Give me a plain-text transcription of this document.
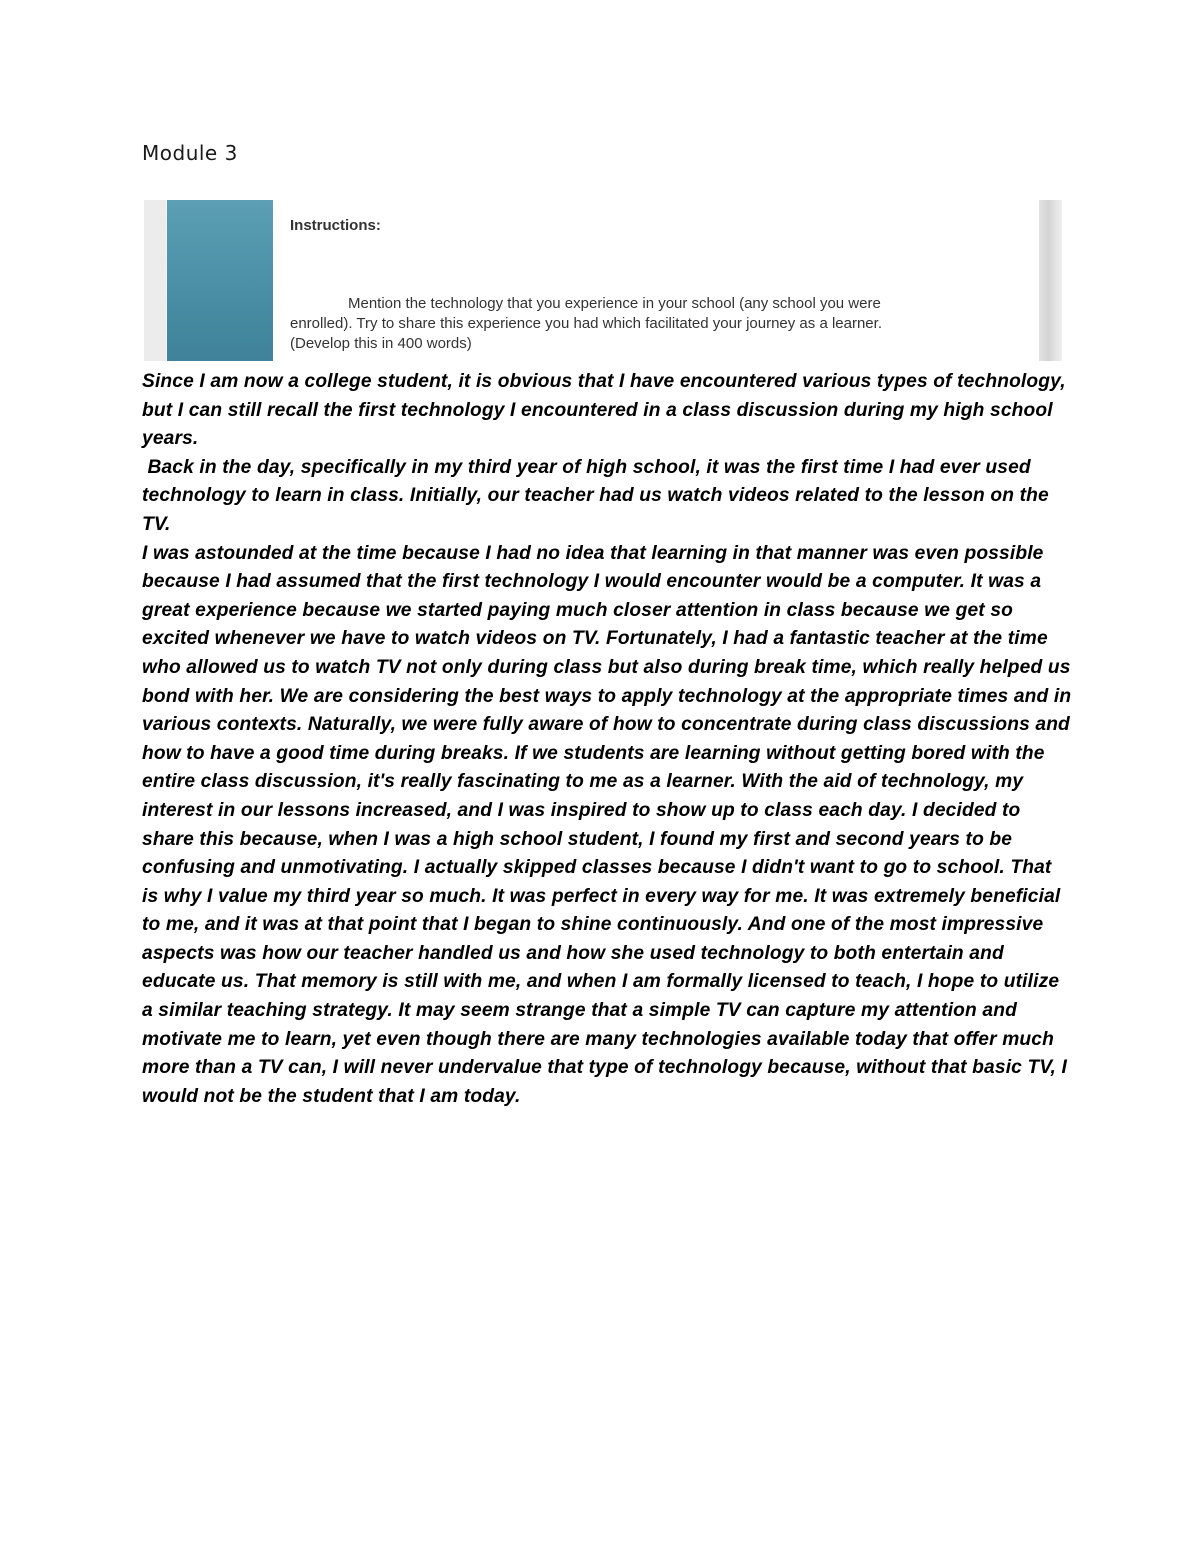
Module 3
Instructions:
Mention the technology that you experience in your school (any school you were
enrolled). Try to share this experience you had which facilitated your journey as a learner.
(Develop this in 400 words)

Since I am now a college student, it is obvious that I have encountered various types of technology, but I can still recall the first technology I encountered in a class discussion during my high school years.

Back in the day, specifically in my third year of high school, it was the first time I had ever used technology to learn in class. Initially, our teacher had us watch videos related to the lesson on the TV.

I was astounded at the time because I had no idea that learning in that manner was even possible because I had assumed that the first technology I would encounter would be a computer. It was a great experience because we started paying much closer attention in class because we get so excited whenever we have to watch videos on TV. Fortunately, I had a fantastic teacher at the time who allowed us to watch TV not only during class but also during break time, which really helped us bond with her. We are considering the best ways to apply technology at the appropriate times and in various contexts. Naturally, we were fully aware of how to concentrate during class discussions and how to have a good time during breaks. If we students are learning without getting bored with the entire class discussion, it's really fascinating to me as a learner. With the aid of technology, my interest in our lessons increased, and I was inspired to show up to class each day. I decided to share this because, when I was a high school student, I found my first and second years to be confusing and unmotivating. I actually skipped classes because I didn't want to go to school. That is why I value my third year so much. It was perfect in every way for me. It was extremely beneficial to me, and it was at that point that I began to shine continuously. And one of the most impressive aspects was how our teacher handled us and how she used technology to both entertain and educate us. That memory is still with me, and when I am formally licensed to teach, I hope to utilize a similar teaching strategy. It may seem strange that a simple TV can capture my attention and motivate me to learn, yet even though there are many technologies available today that offer much more than a TV can, I will never undervalue that type of technology because, without that basic TV, I would not be the student that I am today.
